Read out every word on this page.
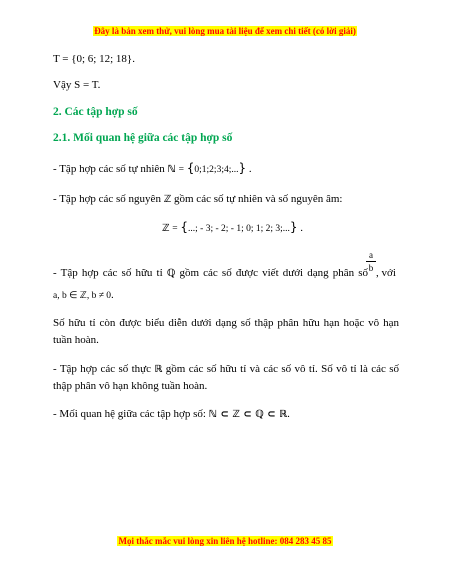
Đây là bản xem thử, vui lòng mua tài liệu để xem chi tiết (có lời giải)
T = {0; 6; 12; 18}.
Vậy S = T.
2. Các tập hợp số
2.1. Mối quan hệ giữa các tập hợp số
- Tập hợp các số tự nhiên ℕ = {0;1;2;3;4;...} .
- Tập hợp các số nguyên ℤ gồm các số tự nhiên và số nguyên âm:
ℤ = {...; - 3; - 2; - 1; 0; 1; 2; 3;...} .
a
b
- Tập hợp các số hữu tỉ ℚ gồm các số được viết dưới dạng phân số , với
a, b ∈ ℤ, b ≠ 0.
Số hữu tỉ còn được biểu diễn dưới dạng số thập phân hữu hạn hoặc vô hạn
tuần hoàn.
- Tập hợp các số thực ℝ gồm các số hữu tỉ và các số vô tỉ. Số vô tỉ là các số
thập phân vô hạn không tuần hoàn.
- Mối quan hệ giữa các tập hợp số: ℕ ⊂ ℤ ⊂ ℚ ⊂ ℝ.
Mọi thắc mắc vui lòng xin liên hệ hotline: 084 283 45 85
